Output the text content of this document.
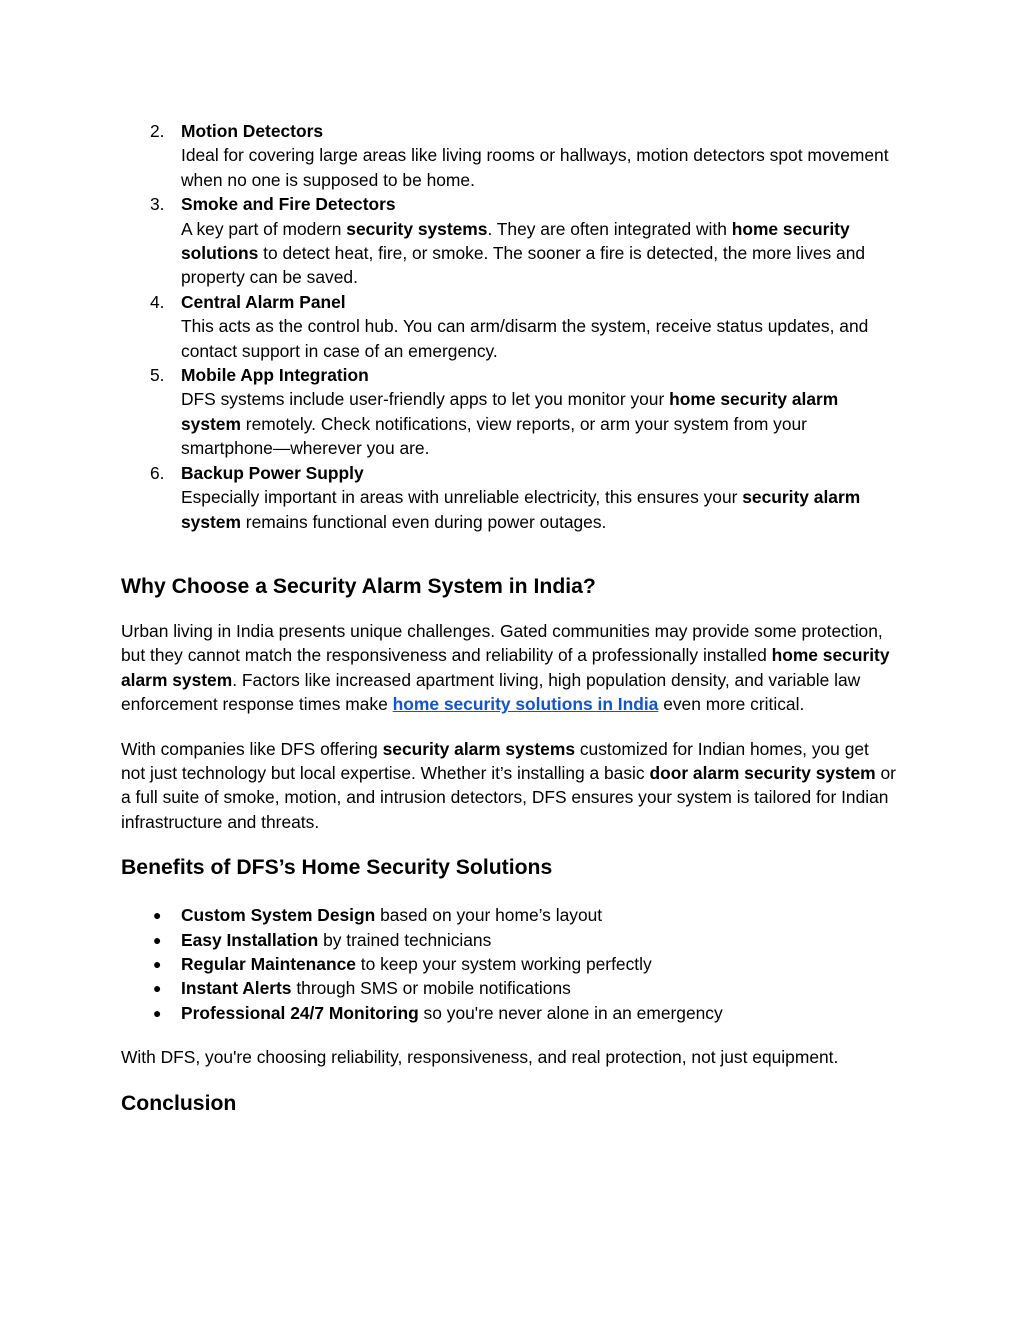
2. Motion Detectors
Ideal for covering large areas like living rooms or hallways, motion detectors spot movement when no one is supposed to be home.
3. Smoke and Fire Detectors
A key part of modern security systems. They are often integrated with home security solutions to detect heat, fire, or smoke. The sooner a fire is detected, the more lives and property can be saved.
4. Central Alarm Panel
This acts as the control hub. You can arm/disarm the system, receive status updates, and contact support in case of an emergency.
5. Mobile App Integration
DFS systems include user-friendly apps to let you monitor your home security alarm system remotely. Check notifications, view reports, or arm your system from your smartphone—wherever you are.
6. Backup Power Supply
Especially important in areas with unreliable electricity, this ensures your security alarm system remains functional even during power outages.
Why Choose a Security Alarm System in India?

Urban living in India presents unique challenges. Gated communities may provide some protection, but they cannot match the responsiveness and reliability of a professionally installed home security alarm system. Factors like increased apartment living, high population density, and variable law enforcement response times make home security solutions in India even more critical.

With companies like DFS offering security alarm systems customized for Indian homes, you get not just technology but local expertise. Whether it’s installing a basic door alarm security system or a full suite of smoke, motion, and intrusion detectors, DFS ensures your system is tailored for Indian infrastructure and threats.

Benefits of DFS’s Home Security Solutions
● Custom System Design based on your home’s layout
● Easy Installation by trained technicians
● Regular Maintenance to keep your system working perfectly
● Instant Alerts through SMS or mobile notifications
● Professional 24/7 Monitoring so you're never alone in an emergency

With DFS, you're choosing reliability, responsiveness, and real protection, not just equipment.

Conclusion
